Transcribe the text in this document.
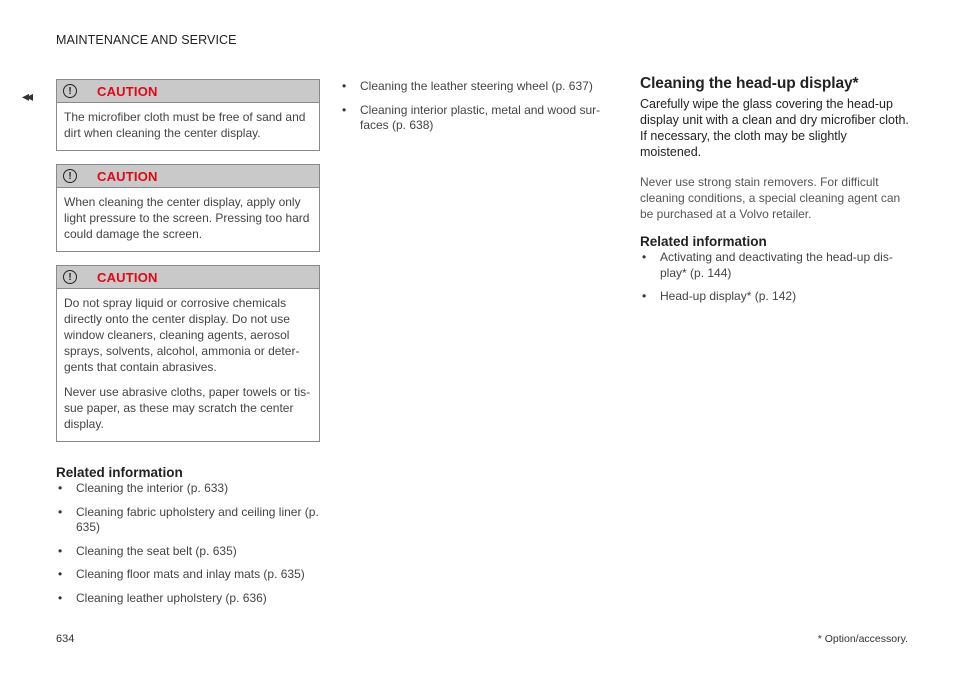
MAINTENANCE AND SERVICE
◂◂	!	CAUTION

The microfiber cloth must be free of sand and dirt when cleaning the center display.

!	CAUTION

When cleaning the center display, apply only light pressure to the screen. Pressing too hard could damage the screen.

!	CAUTION

Do not spray liquid or corrosive chemicals directly onto the center display. Do not use window cleaners, cleaning agents, aerosol sprays, solvents, alcohol, ammonia or deter-gents that contain abrasives.

Never use abrasive cloths, paper towels or tis-sue paper, as these may scratch the center display.

Related information
• Cleaning the interior (p. 633)
• Cleaning fabric upholstery and ceiling liner (p. 635)
• Cleaning the seat belt (p. 635)
• Cleaning floor mats and inlay mats (p. 635)
• Cleaning leather upholstery (p. 636)
• Cleaning the leather steering wheel (p. 637)
• Cleaning interior plastic, metal and wood sur-faces (p. 638)
Cleaning the head-up display*

Carefully wipe the glass covering the head-up display unit with a clean and dry microfiber cloth. If necessary, the cloth may be slightly moistened.

Never use strong stain removers. For difficult cleaning conditions, a special cleaning agent can be purchased at a Volvo retailer.

Related information
• Activating and deactivating the head-up dis-play* (p. 144)
• Head-up display* (p. 142)
634	* Option/accessory.
